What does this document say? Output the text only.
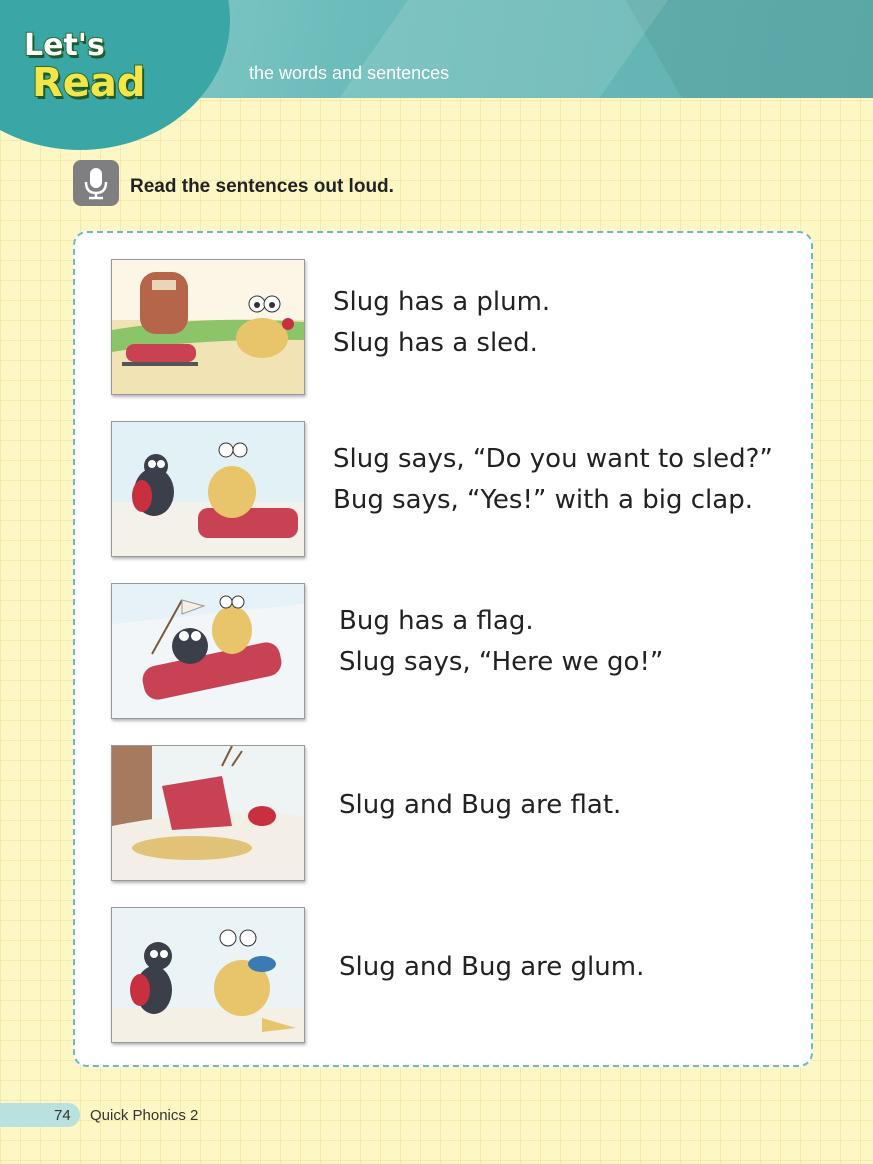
the words and sentences
Let's
Read
Read the sentences out loud.
Slug has a plum.
Slug has a sled.
Slug says, “Do you want to sled?”
Bug says, “Yes!” with a big clap.
Bug has a flag.
Slug says, “Here we go!”
Slug and Bug are flat.
Slug and Bug are glum.
74 Quick Phonics 2
